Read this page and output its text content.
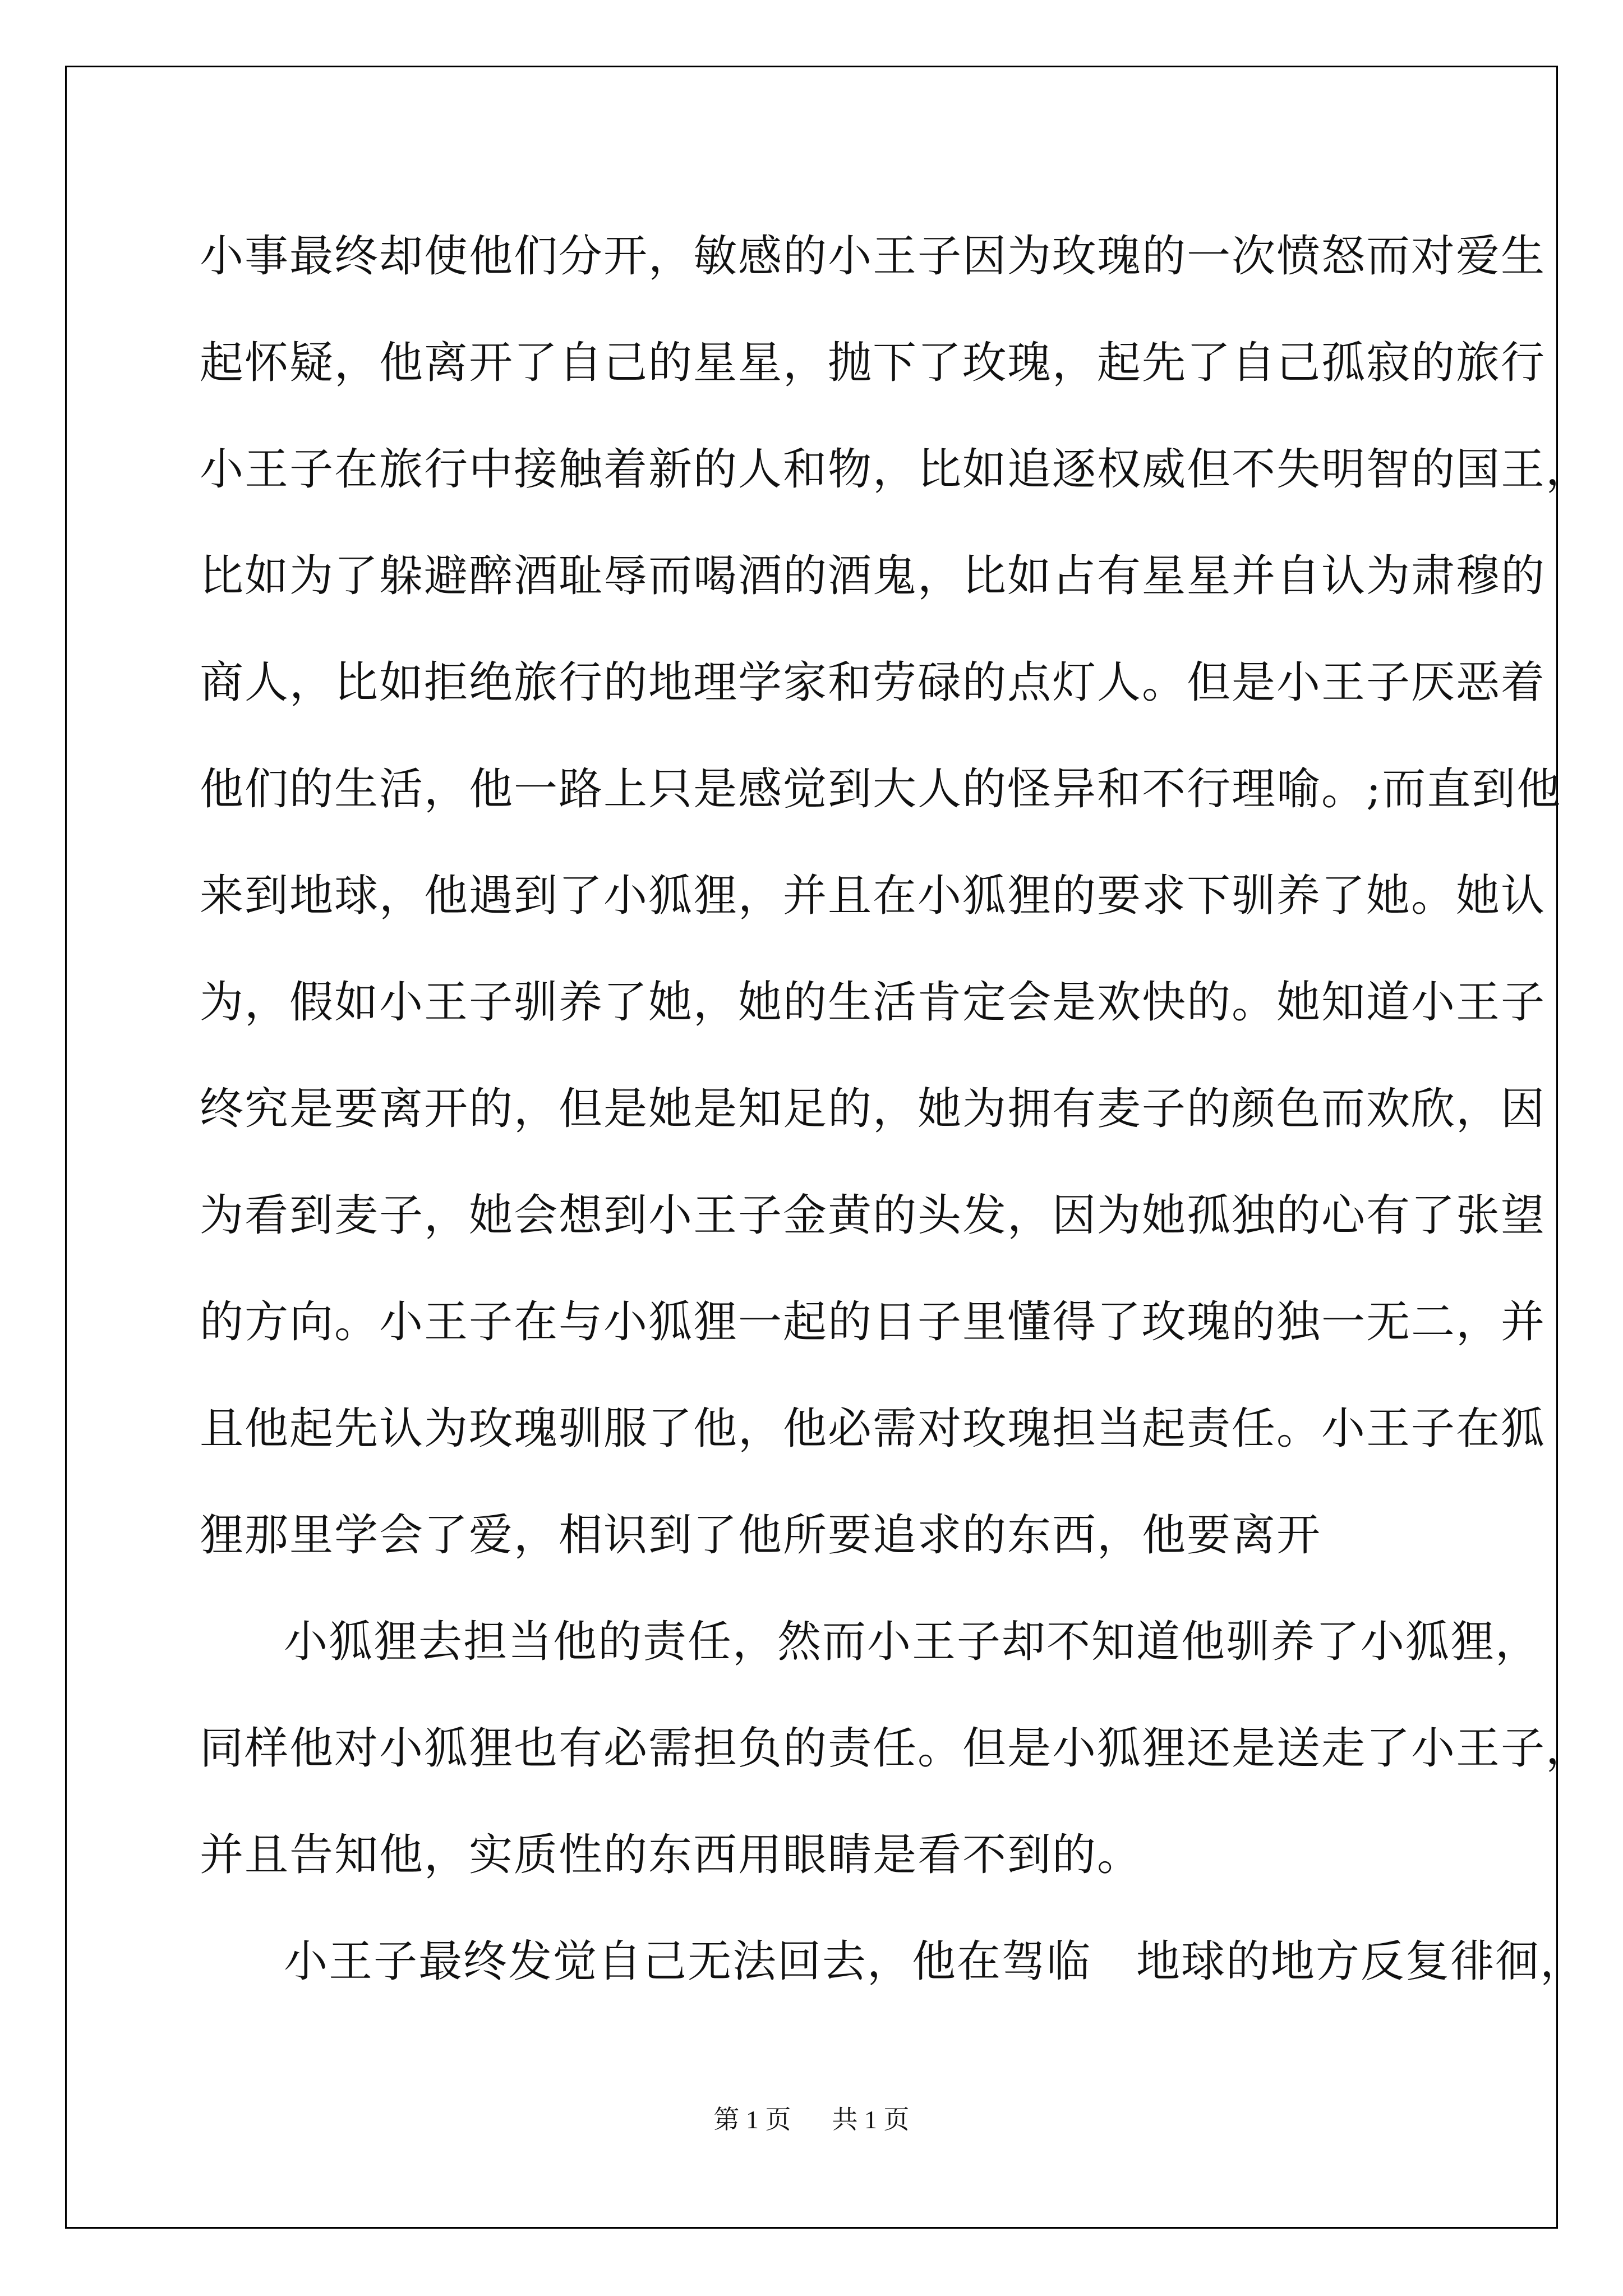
小事最终却使他们分开，敏感的小王子因为玫瑰的一次愤怒而对爱生
起怀疑，他离开了自己的星星，抛下了玫瑰，起先了自己孤寂的旅行
小王子在旅行中接触着新的人和物，比如追逐权威但不失明智的国王，
比如为了躲避醉酒耻辱而喝酒的酒鬼，比如占有星星并自认为肃穆的
商人，比如拒绝旅行的地理学家和劳碌的点灯人。但是小王子厌恶着
他们的生活，他一路上只是感觉到大人的怪异和不行理喻。;而直到他
来到地球，他遇到了小狐狸，并且在小狐狸的要求下驯养了她。她认
为，假如小王子驯养了她，她的生活肯定会是欢快的。她知道小王子
终究是要离开的，但是她是知足的，她为拥有麦子的颜色而欢欣，因
为看到麦子，她会想到小王子金黄的头发，因为她孤独的心有了张望
的方向。小王子在与小狐狸一起的日子里懂得了玫瑰的独一无二，并
且他起先认为玫瑰驯服了他，他必需对玫瑰担当起责任。小王子在狐
狸那里学会了爱，相识到了他所要追求的东西，他要离开
小狐狸去担当他的责任，然而小王子却不知道他驯养了小狐狸，
同样他对小狐狸也有必需担负的责任。但是小狐狸还是送走了小王子，
并且告知他，实质性的东西用眼睛是看不到的。
小王子最终发觉自己无法回去，他在驾临　地球的地方反复徘徊，
第 1 页 共 1 页
